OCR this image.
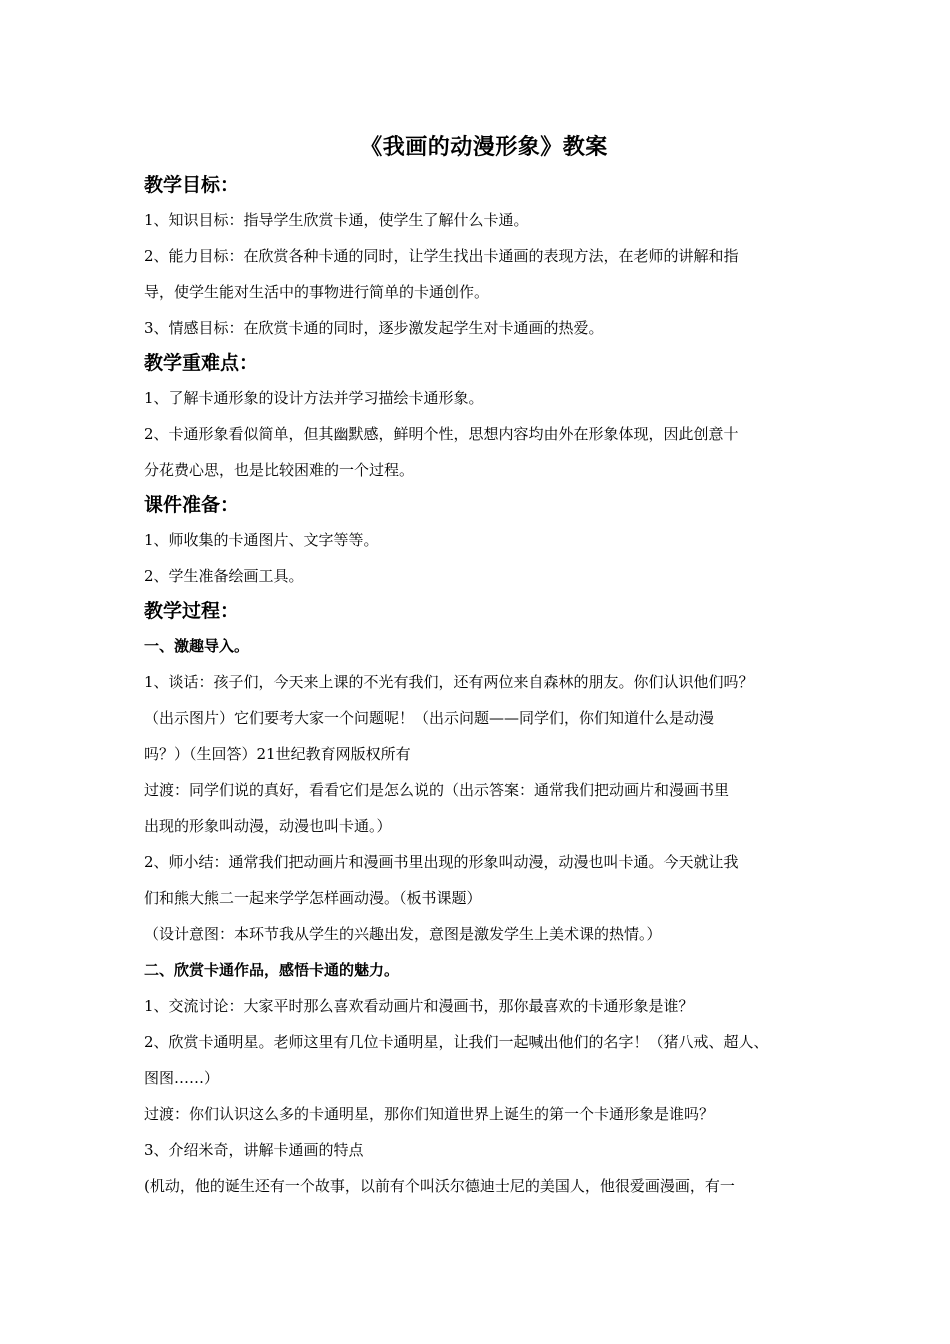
《我画的动漫形象》教案
教学目标：

1、知识目标：指导学生欣赏卡通，使学生了解什么卡通。

2、能力目标：在欣赏各种卡通的同时，让学生找出卡通画的表现方法，在老师的讲解和指

导，使学生能对生活中的事物进行简单的卡通创作。

3、情感目标：在欣赏卡通的同时，逐步激发起学生对卡通画的热爱。

教学重难点：

1、了解卡通形象的设计方法并学习描绘卡通形象。

2、卡通形象看似简单，但其幽默感，鲜明个性，思想内容均由外在形象体现，因此创意十

分花费心思，也是比较困难的一个过程。

课件准备：

1、师收集的卡通图片、文字等等。

2、学生准备绘画工具。

教学过程：

一、激趣导入。

1、谈话：孩子们，今天来上课的不光有我们，还有两位来自森林的朋友。你们认识他们吗？

（出示图片）它们要考大家一个问题呢！（出示问题——同学们，你们知道什么是动漫

吗？）（生回答）21世纪教育网版权所有

过渡：同学们说的真好，看看它们是怎么说的（出示答案：通常我们把动画片和漫画书里

出现的形象叫动漫，动漫也叫卡通。）

2、师小结：通常我们把动画片和漫画书里出现的形象叫动漫，动漫也叫卡通。今天就让我

们和熊大熊二一起来学学怎样画动漫。（板书课题）

（设计意图：本环节我从学生的兴趣出发，意图是激发学生上美术课的热情。）

二、欣赏卡通作品，感悟卡通的魅力。

1、交流讨论：大家平时那么喜欢看动画片和漫画书，那你最喜欢的卡通形象是谁？

2、欣赏卡通明星。老师这里有几位卡通明星，让我们一起喊出他们的名字！（猪八戒、超人、

图图……）

过渡：你们认识这么多的卡通明星，那你们知道世界上诞生的第一个卡通形象是谁吗？

3、介绍米奇，讲解卡通画的特点

(机动，他的诞生还有一个故事，以前有个叫沃尔德迪士尼的美国人，他很爱画漫画，有一
